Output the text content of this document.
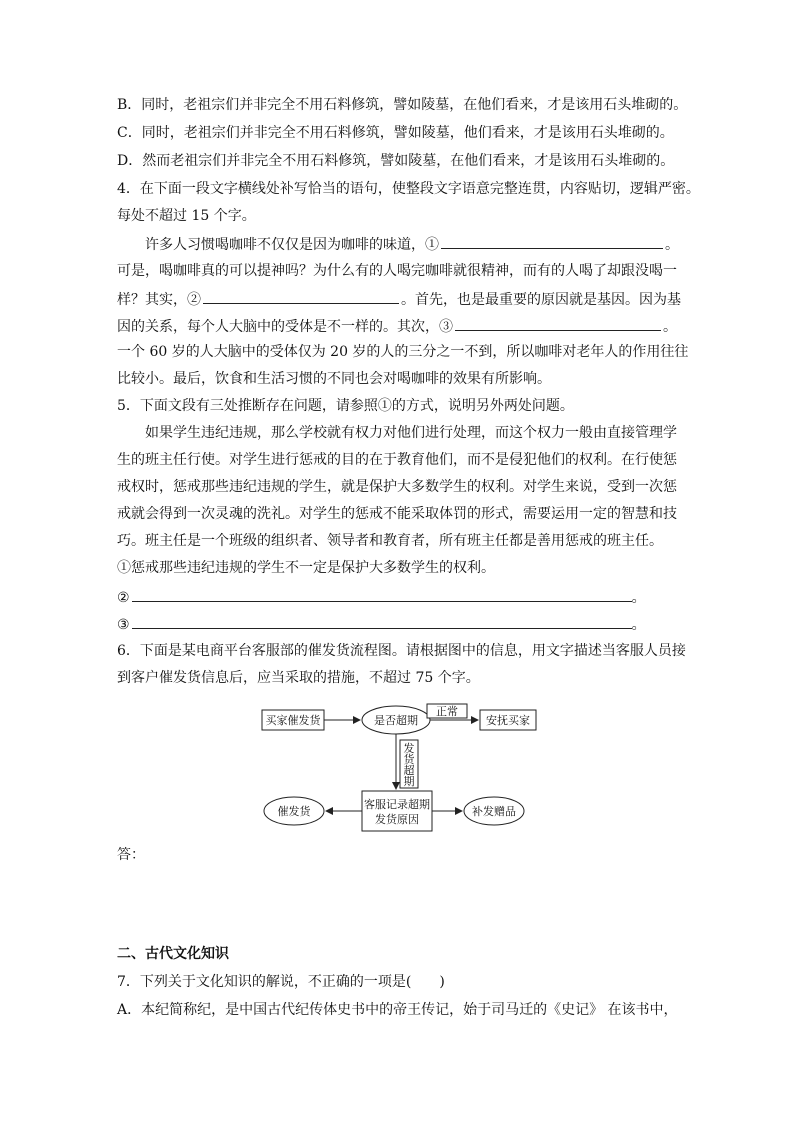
B．同时，老祖宗们并非完全不用石料修筑，譬如陵墓，在他们看来，才是该用石头堆砌的。
C．同时，老祖宗们并非完全不用石料修筑，譬如陵墓，他们看来，才是该用石头堆砌的。
D．然而老祖宗们并非完全不用石料修筑，譬如陵墓，在他们看来，才是该用石头堆砌的。
4．在下面一段文字横线处补写恰当的语句，使整段文字语意完整连贯，内容贴切，逻辑严密。
每处不超过 15 个字。
许多人习惯喝咖啡不仅仅是因为咖啡的味道，①	。
可是，喝咖啡真的可以提神吗？为什么有的人喝完咖啡就很精神，而有的人喝了却跟没喝一
样？其实，②	。首先，也是最重要的原因就是基因。因为基
因的关系，每个人大脑中的受体是不一样的。其次，③	。
一个 60 岁的人大脑中的受体仅为 20 岁的人的三分之一不到，所以咖啡对老年人的作用往往
比较小。最后，饮食和生活习惯的不同也会对喝咖啡的效果有所影响。
5．下面文段有三处推断存在问题，请参照①的方式，说明另外两处问题。
如果学生违纪违规，那么学校就有权力对他们进行处理，而这个权力一般由直接管理学
生的班主任行使。对学生进行惩戒的目的在于教育他们，而不是侵犯他们的权利。在行使惩
戒权时，惩戒那些违纪违规的学生，就是保护大多数学生的权利。对学生来说，受到一次惩
戒就会得到一次灵魂的洗礼。对学生的惩戒不能采取体罚的形式，需要运用一定的智慧和技
巧。班主任是一个班级的组织者、领导者和教育者，所有班主任都是善用惩戒的班主任。
①惩戒那些违纪违规的学生不一定是保护大多数学生的权利。
②	。
③	。
6．下面是某电商平台客服部的催发货流程图。请根据图中的信息，用文字描述当客服人员接
到客户催发货信息后，应当采取的措施，不超过 75 个字。
买家催发货	是否超期
正常
安抚买家
发
货
超
期
客服记录超期
发货原因
催发货	补发赠品
答：
二、古代文化知识
7．下列关于文化知识的解说，不正确的一项是(　　)
A．本纪简称纪，是中国古代纪传体史书中的帝王传记，始于司马迁的《史记》 在该书中，
